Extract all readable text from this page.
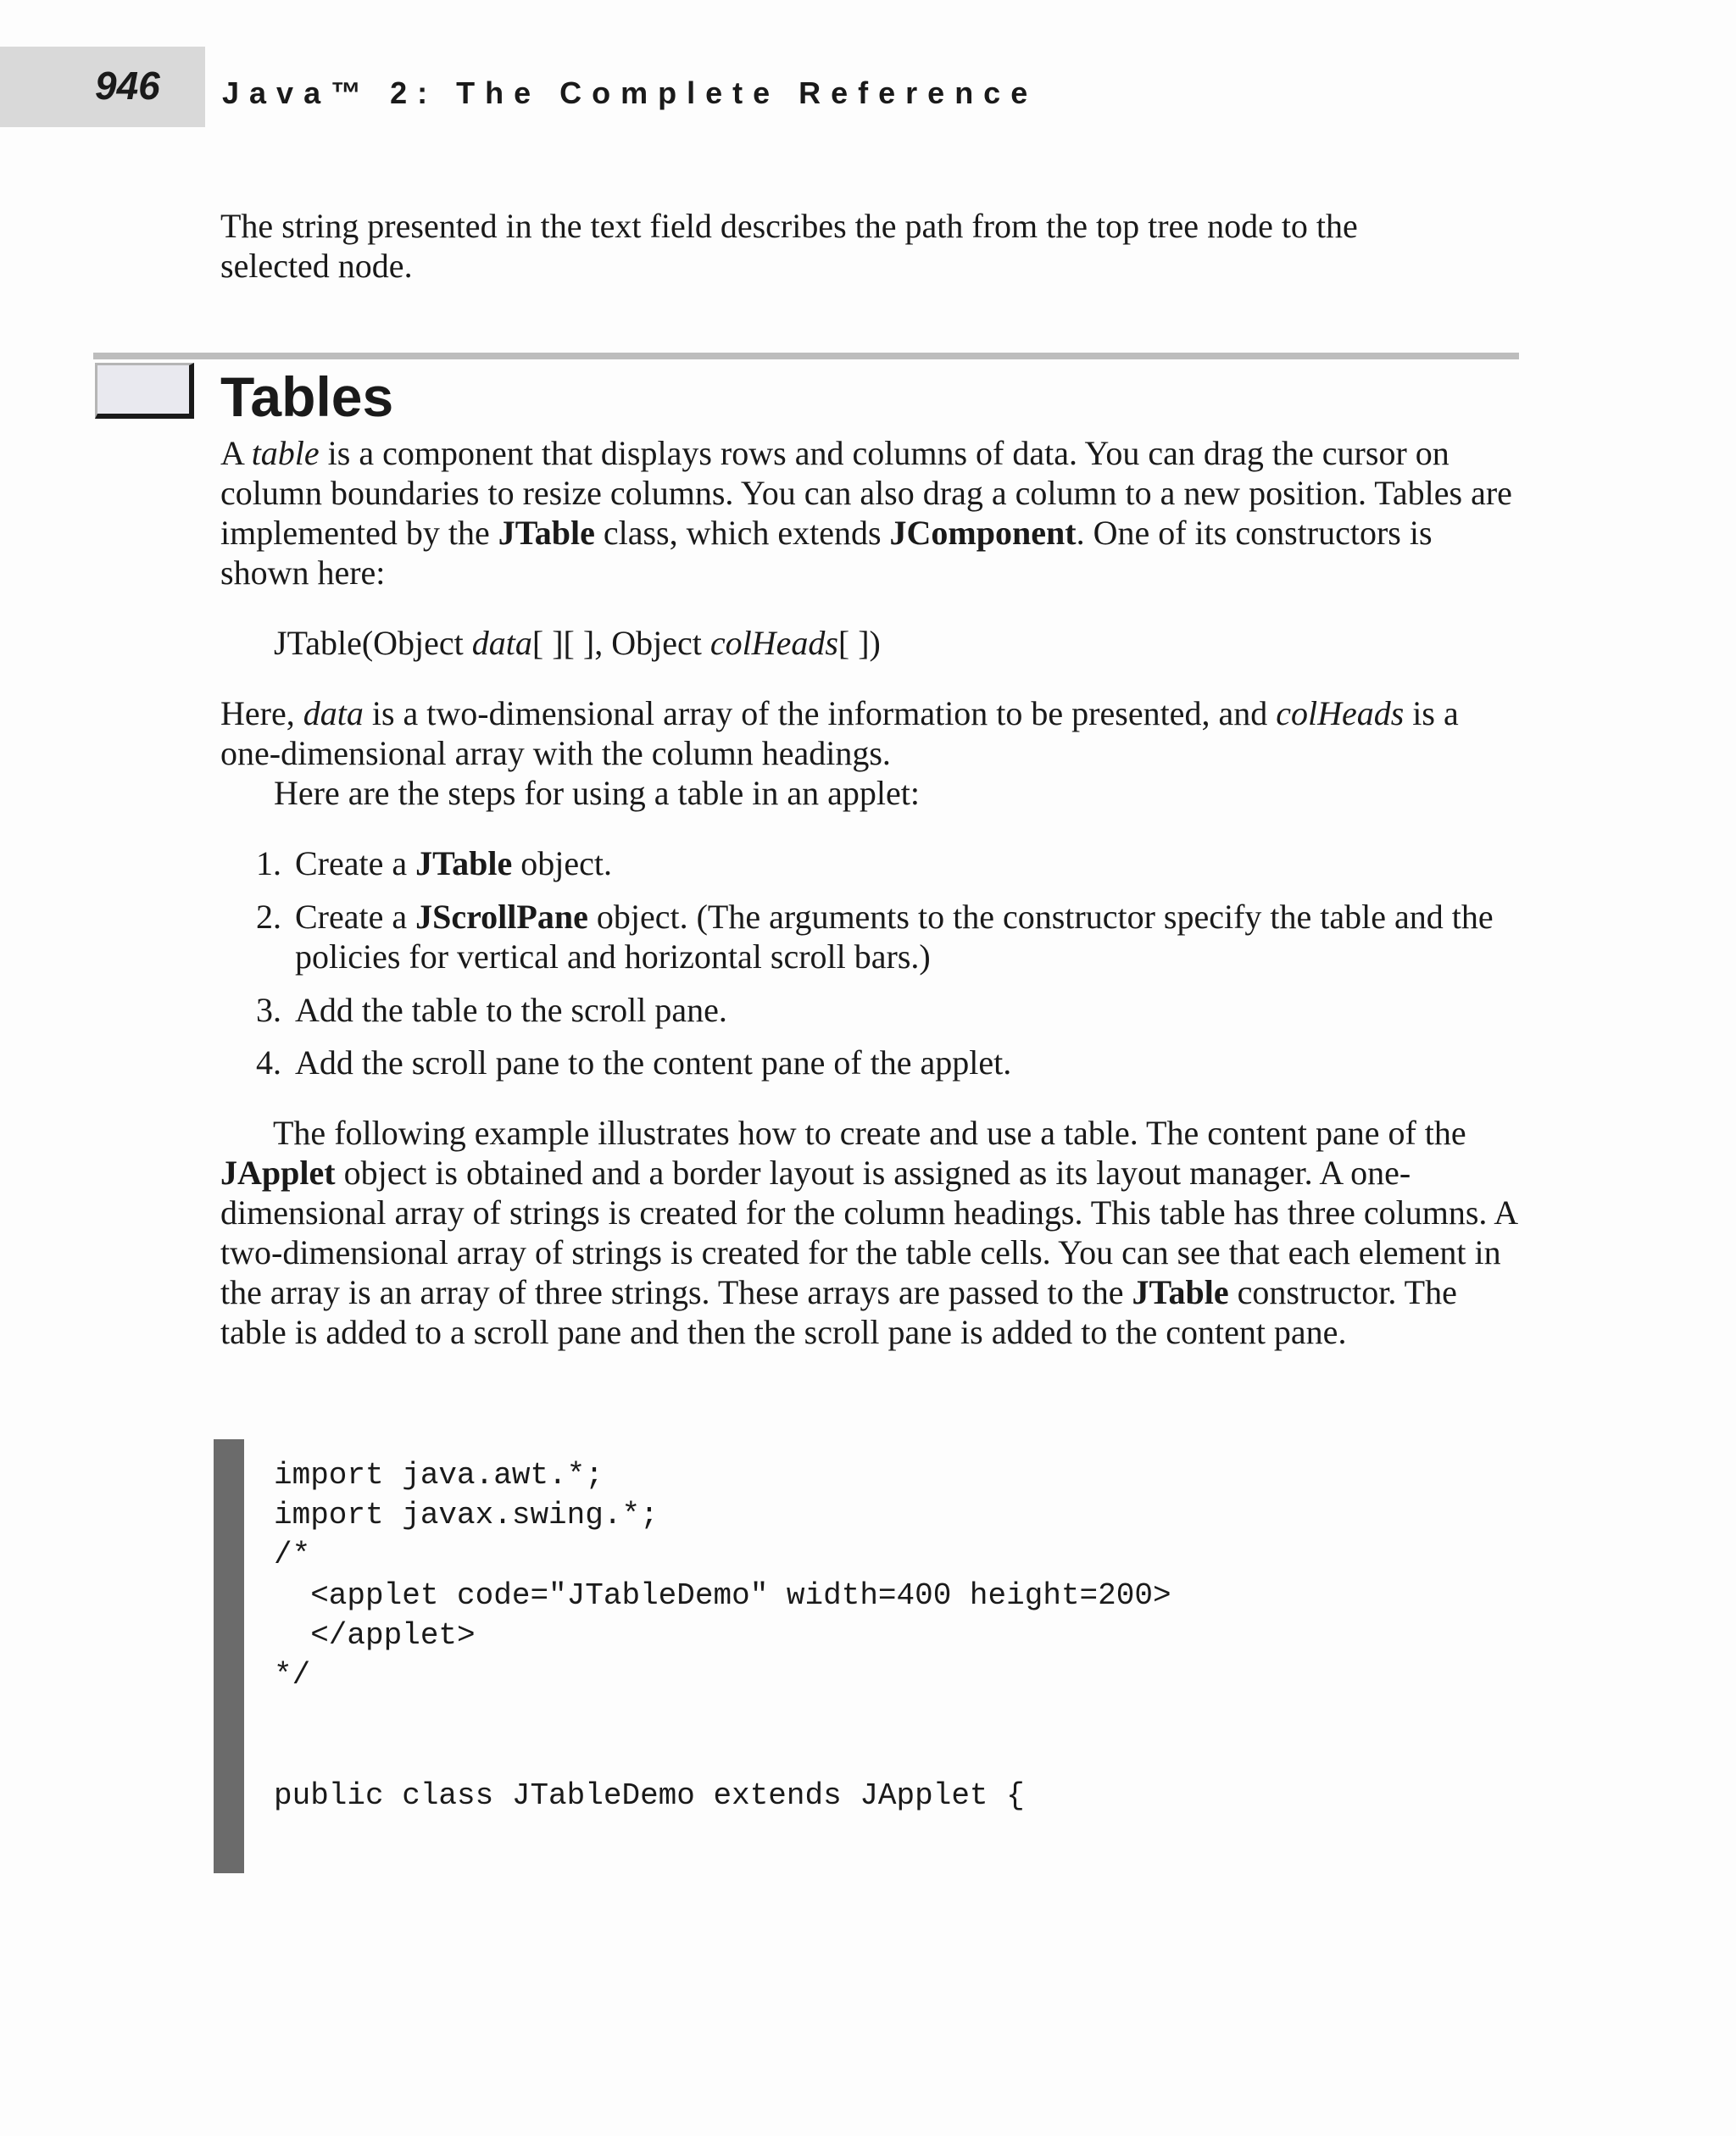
946 Java™ 2: The Complete Reference

The string presented in the text field describes the path from the top tree node to the
selected node.

Tables

A table is a component that displays rows and columns of data. You can drag the cursor on column boundaries to resize columns. You can also drag a column to a new position. Tables are implemented by the JTable class, which extends JComponent. One of its constructors is shown here:

JTable(Object data[ ][ ], Object colHeads[ ])

Here, data is a two-dimensional array of the information to be presented, and colHeads is a one-dimensional array with the column headings.

Here are the steps for using a table in an applet:

1. Create a JTable object.
2. Create a JScrollPane object. (The arguments to the constructor specify the table and the policies for vertical and horizontal scroll bars.)
3. Add the table to the scroll pane.
4. Add the scroll pane to the content pane of the applet.

The following example illustrates how to create and use a table. The content pane of the JApplet object is obtained and a border layout is assigned as its layout manager. A one-dimensional array of strings is created for the column headings. This table has three columns. A two-dimensional array of strings is created for the table cells. You can see that each element in the array is an array of three strings. These arrays are passed to the JTable constructor. The table is added to a scroll pane and then the scroll pane is added to the content pane.

import java.awt.*;
import javax.swing.*;
/*
<applet code="JTableDemo" width=400 height=200>
</applet>
*/
public class JTableDemo extends JApplet {
